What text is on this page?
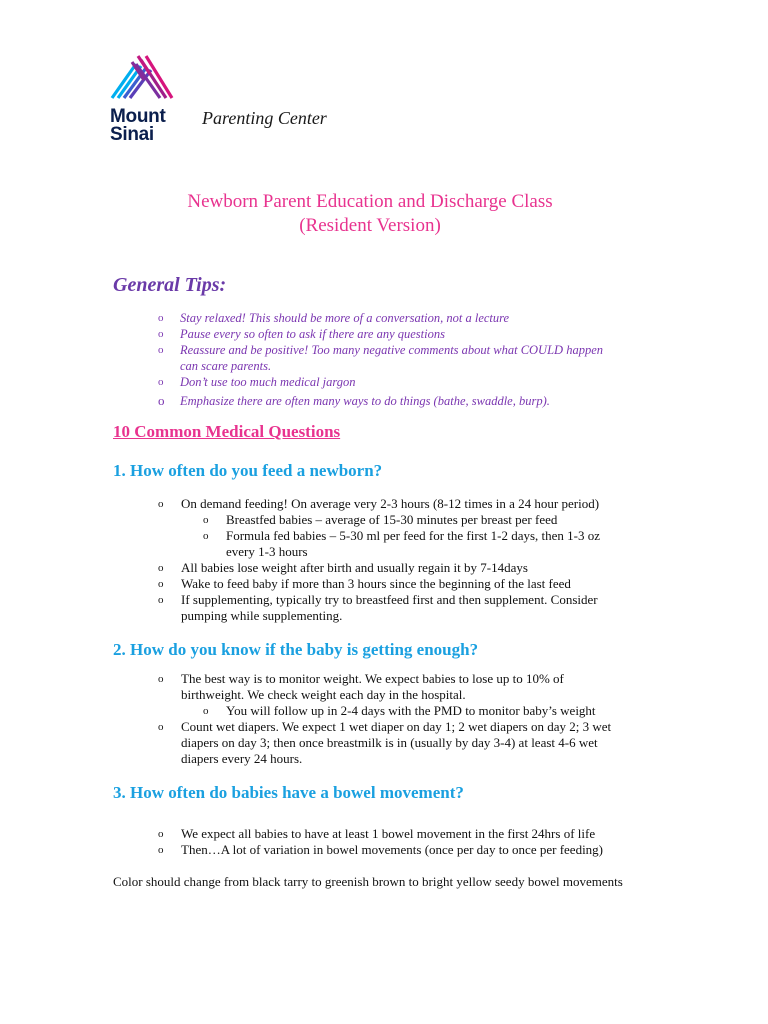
Mount
Sinai
Parenting Center
Newborn Parent Education and Discharge Class
(Resident Version)
General Tips:
o Stay relaxed! This should be more of a conversation, not a lecture
o Pause every so often to ask if there are any questions
o Reassure and be positive! Too many negative comments about what COULD happen
can scare parents.
o Don’t use too much medical jargon
o Emphasize there are often many ways to do things (bathe, swaddle, burp).
10 Common Medical Questions
1. How often do you feed a newborn?
o On demand feeding! On average very 2-3 hours (8-12 times in a 24 hour period)
o Breastfed babies – average of 15-30 minutes per breast per feed
o Formula fed babies – 5-30 ml per feed for the first 1-2 days, then 1-3 oz
every 1-3 hours
o All babies lose weight after birth and usually regain it by 7-14days
o Wake to feed baby if more than 3 hours since the beginning of the last feed
o If supplementing, typically try to breastfeed first and then supplement. Consider
pumping while supplementing.
2. How do you know if the baby is getting enough?
o The best way is to monitor weight. We expect babies to lose up to 10% of
birthweight. We check weight each day in the hospital.
o You will follow up in 2-4 days with the PMD to monitor baby’s weight
o Count wet diapers. We expect 1 wet diaper on day 1; 2 wet diapers on day 2; 3 wet
diapers on day 3; then once breastmilk is in (usually by day 3-4) at least 4-6 wet
diapers every 24 hours.
3. How often do babies have a bowel movement?
o We expect all babies to have at least 1 bowel movement in the first 24hrs of life
o Then…A lot of variation in bowel movements (once per day to once per feeding)
Color should change from black tarry to greenish brown to bright yellow seedy bowel movements
